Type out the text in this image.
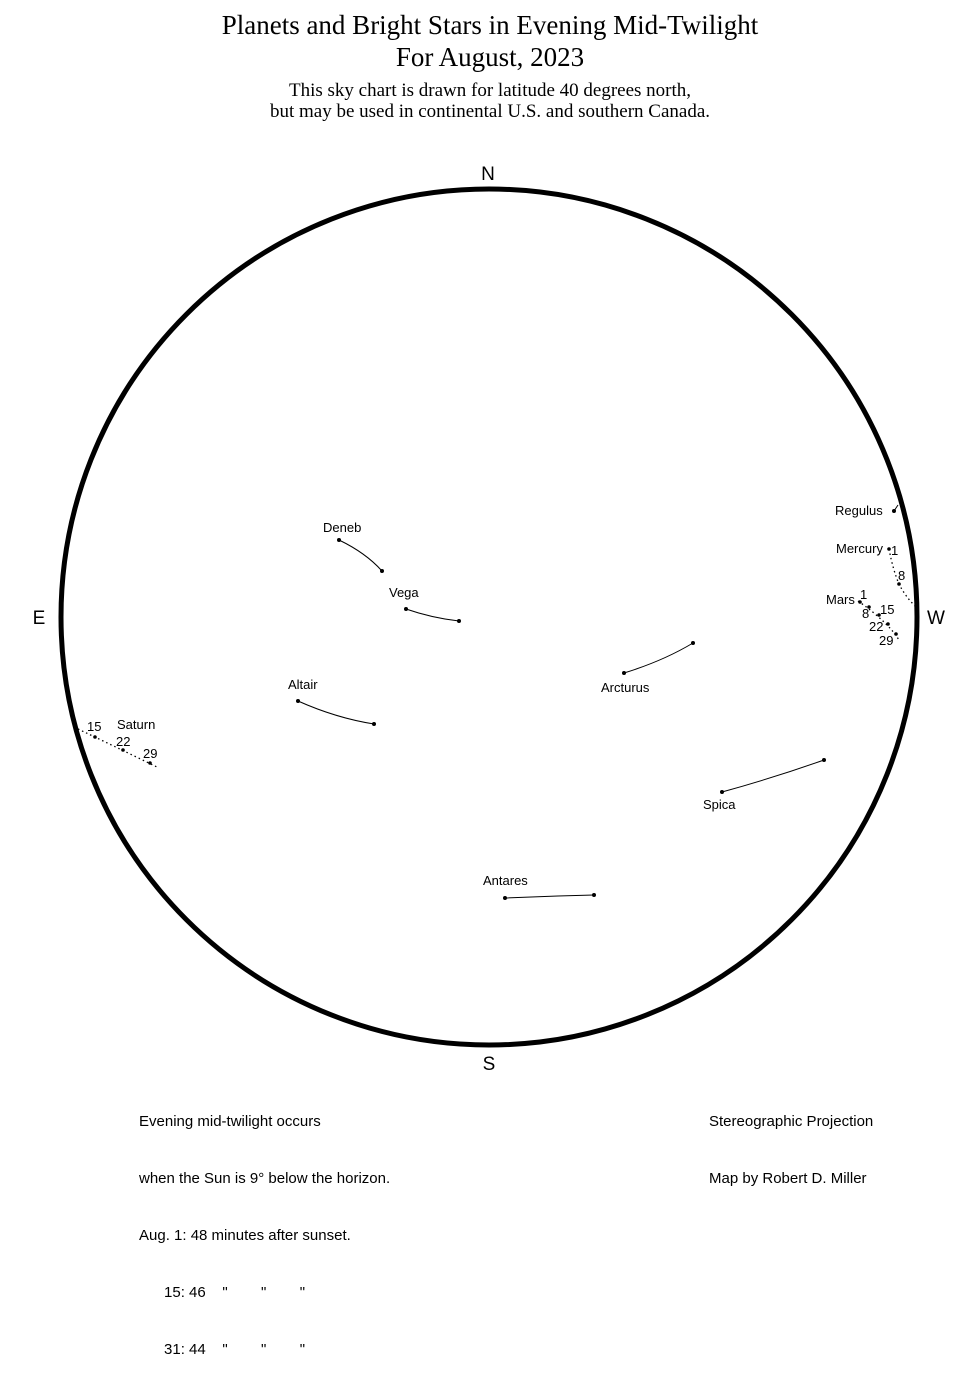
Planets and Bright Stars in Evening Mid-Twilight
For August, 2023
This sky chart is drawn for latitude 40 degrees north,
but may be used in continental U.S. and southern Canada.
N
S
E	W
Deneb
Vega
Altair	Arcturus
Spica
Antares
Regulus
Mercury 1
8
Mars 1
8 15
22
29
Saturn
15
22
29

Evening mid-twilight occurs

when the Sun is 9° below the horizon.

Aug. 1: 48 minutes after sunset.

15: 46    "        "        "

31: 44    "        "        "

Stereographic Projection

Map by Robert D. Miller
